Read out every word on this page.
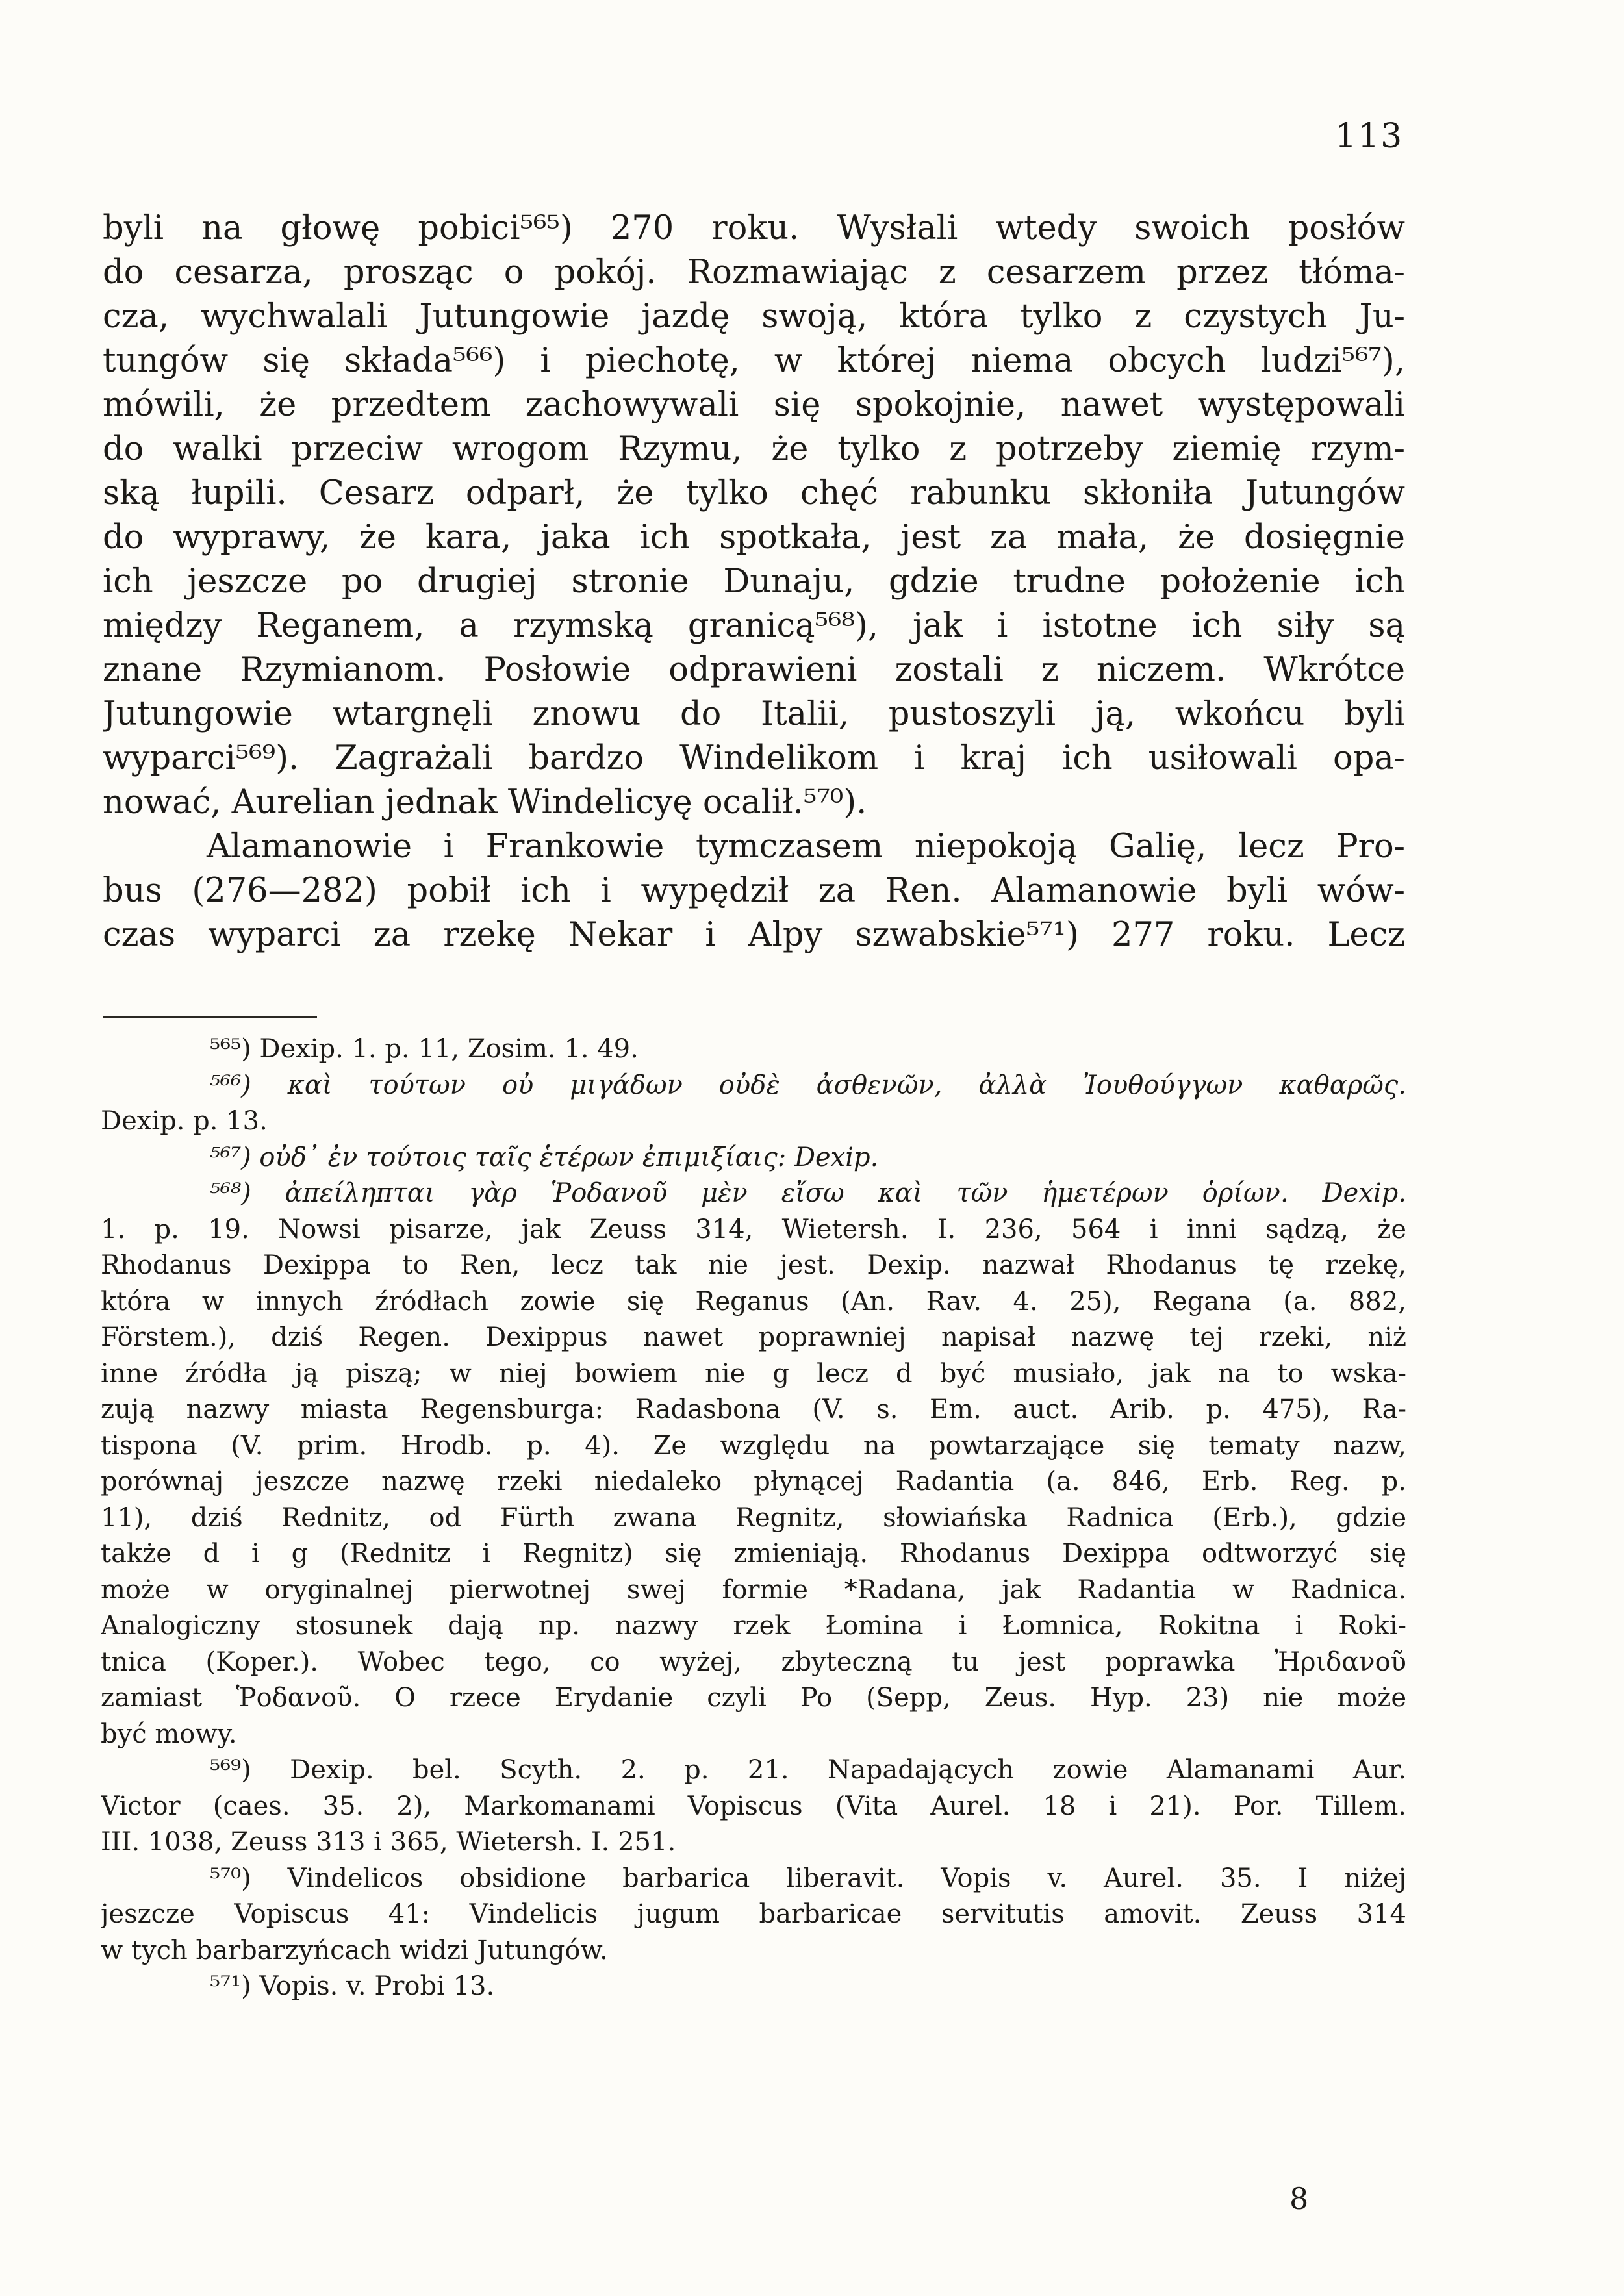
113
byli na głowę pobici⁵⁶⁵) 270 roku. Wysłali wtedy swoich posłów
do cesarza, prosząc o pokój. Rozmawiając z cesarzem przez tłóma-
cza, wychwalali Jutungowie jazdę swoją, która tylko z czystych Ju-
tungów się składa⁵⁶⁶) i piechotę, w której niema obcych ludzi⁵⁶⁷),
mówili, że przedtem zachowywali się spokojnie, nawet występowali
do walki przeciw wrogom Rzymu, że tylko z potrzeby ziemię rzym-
ską łupili. Cesarz odparł, że tylko chęć rabunku skłoniła Jutungów
do wyprawy, że kara, jaka ich spotkała, jest za mała, że dosięgnie
ich jeszcze po drugiej stronie Dunaju, gdzie trudne położenie ich
między Reganem, a rzymską granicą⁵⁶⁸), jak i istotne ich siły są
znane Rzymianom. Posłowie odprawieni zostali z niczem. Wkrótce
Jutungowie wtargnęli znowu do Italii, pustoszyli ją, wkońcu byli
wyparci⁵⁶⁹). Zagrażali bardzo Windelikom i kraj ich usiłowali opa-
nować, Aurelian jednak Windelicyę ocalił.⁵⁷⁰).
Alamanowie i Frankowie tymczasem niepokoją Galię, lecz Pro-
bus (276—282) pobił ich i wypędził za Ren. Alamanowie byli wów-
czas wyparci za rzekę Nekar i Alpy szwabskie⁵⁷¹) 277 roku. Lecz
⁵⁶⁵) Dexip. 1. p. 11, Zosim. 1. 49.
⁵⁶⁶) καὶ τούτων οὐ μιγάδων οὐδὲ ἀσθενῶν, ἀλλὰ Ἰουθούγγων καθαρῶς.
Dexip. p. 13.
⁵⁶⁷) οὐδ᾽ ἐν τούτοις ταῖς ἑτέρων ἐπιμιξίαις: Dexip.
⁵⁶⁸) ἀπείληπται γὰρ Ῥοδανοῦ μὲν εἴσω καὶ τῶν ἡμετέρων ὁρίων. Dexip.
1. p. 19. Nowsi pisarze, jak Zeuss 314, Wietersh. I. 236, 564 i inni sądzą, że
Rhodanus Dexippa to Ren, lecz tak nie jest. Dexip. nazwał Rhodanus tę rzekę,
która w innych źródłach zowie się Reganus (An. Rav. 4. 25), Regana (a. 882,
Förstem.), dziś Regen. Dexippus nawet poprawniej napisał nazwę tej rzeki, niż
inne źródła ją piszą; w niej bowiem nie g lecz d być musiało, jak na to wska-
zują nazwy miasta Regensburga: Radasbona (V. s. Em. auct. Arib. p. 475), Ra-
tispona (V. prim. Hrodb. p. 4). Ze względu na powtarzające się tematy nazw,
porównaj jeszcze nazwę rzeki niedaleko płynącej Radantia (a. 846, Erb. Reg. p.
11), dziś Rednitz, od Fürth zwana Regnitz, słowiańska Radnica (Erb.), gdzie
także d i g (Rednitz i Regnitz) się zmieniają. Rhodanus Dexippa odtworzyć się
może w oryginalnej pierwotnej swej formie *Radana, jak Radantia w Radnica.
Analogiczny stosunek dają np. nazwy rzek Łomina i Łomnica, Rokitna i Roki-
tnica (Koper.). Wobec tego, co wyżej, zbyteczną tu jest poprawka Ἠριδανοῦ
zamiast Ῥοδανοῦ. O rzece Erydanie czyli Po (Sepp, Zeus. Hyp. 23) nie może
być mowy.
⁵⁶⁹) Dexip. bel. Scyth. 2. p. 21. Napadających zowie Alamanami Aur.
Victor (caes. 35. 2), Markomanami Vopiscus (Vita Aurel. 18 i 21). Por. Tillem.
III. 1038, Zeuss 313 i 365, Wietersh. I. 251.
⁵⁷⁰) Vindelicos obsidione barbarica liberavit. Vopis v. Aurel. 35. I niżej
jeszcze Vopiscus 41: Vindelicis jugum barbaricae servitutis amovit. Zeuss 314
w tych barbarzyńcach widzi Jutungów.
⁵⁷¹) Vopis. v. Probi 13.
8
